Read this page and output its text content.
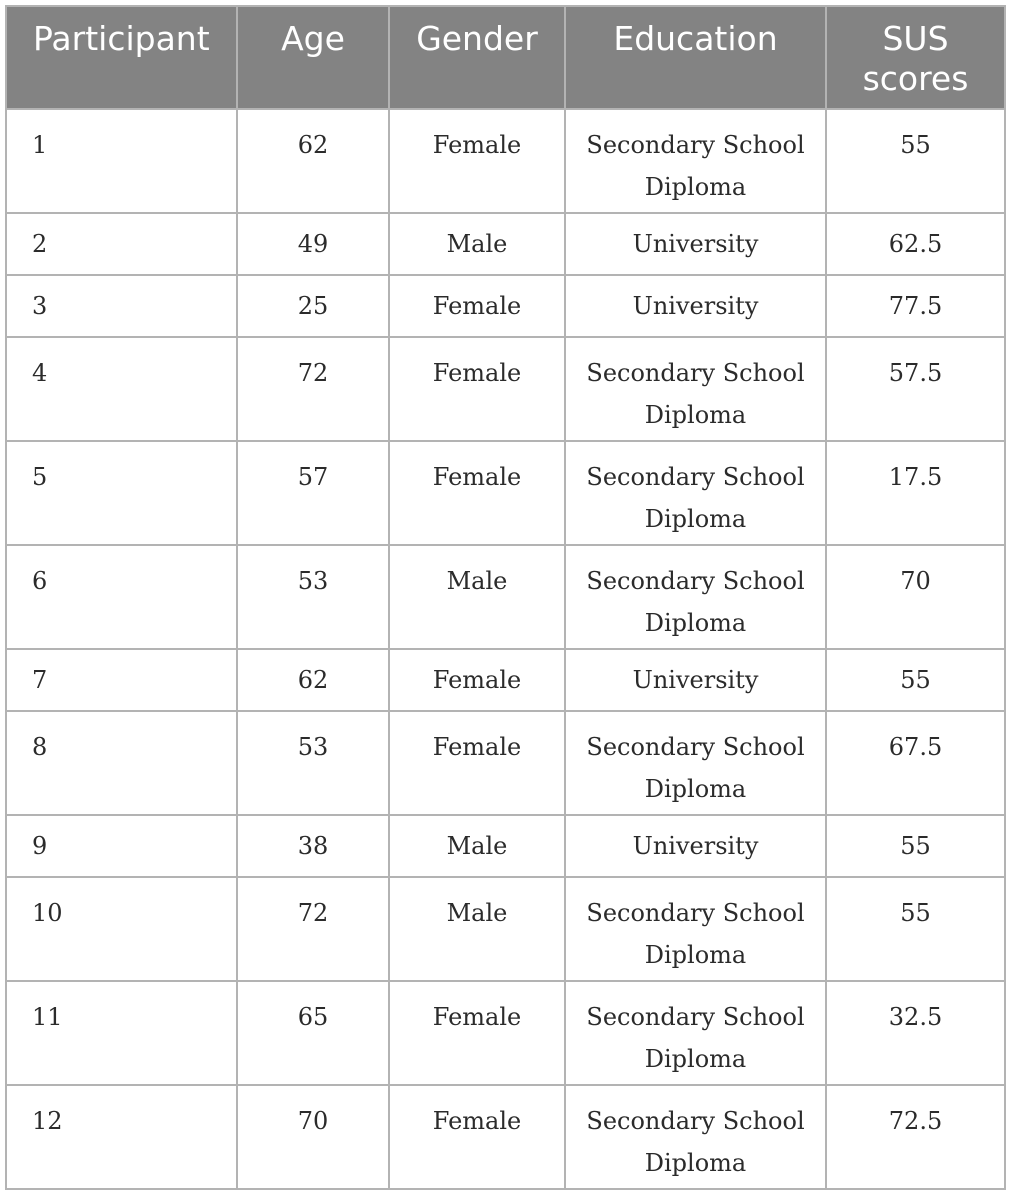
Participant	Age	Gender	Education	SUS scores
1	62	Female	Secondary School Diploma	55
2	49	Male	University	62.5
3	25	Female	University	77.5
4	72	Female	Secondary School Diploma	57.5
5	57	Female	Secondary School Diploma	17.5
6	53	Male	Secondary School Diploma	70
7	62	Female	University	55
8	53	Female	Secondary School Diploma	67.5
9	38	Male	University	55
10	72	Male	Secondary School Diploma	55
11	65	Female	Secondary School Diploma	32.5
12	70	Female	Secondary School Diploma	72.5
